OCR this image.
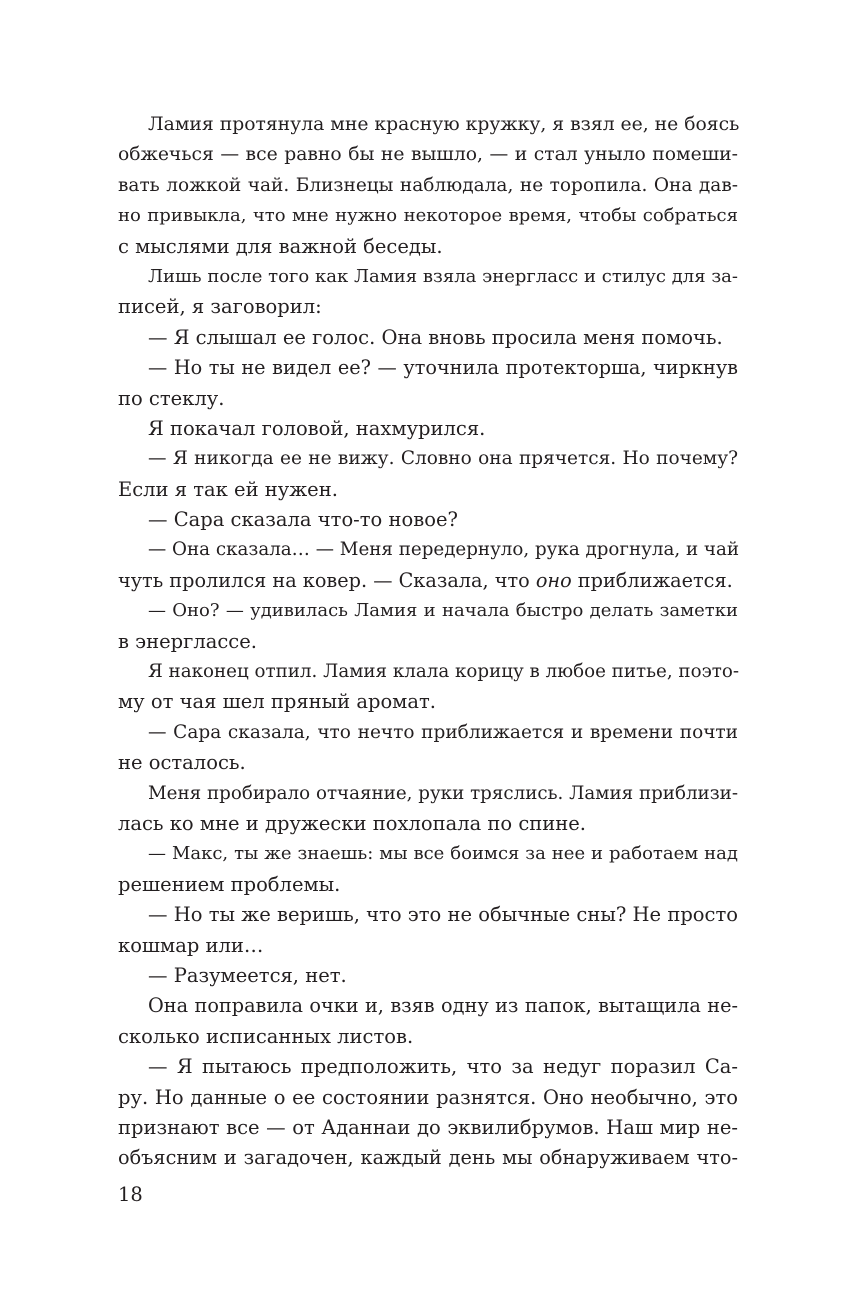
Ламия протянула мне красную кружку, я взял ее, не боясь
обжечься — все равно бы не вышло, — и стал уныло помеши-
вать ложкой чай. Близнецы наблюдала, не торопила. Она дав-
но привыкла, что мне нужно некоторое время, чтобы собраться
с мыслями для важной беседы.
Лишь после того как Ламия взяла энергласс и стилус для за-
писей, я заговорил:
— Я слышал ее голос. Она вновь просила меня помочь.
— Но ты не видел ее? — уточнила протекторша, чиркнув
по стеклу.
Я покачал головой, нахмурился.
— Я никогда ее не вижу. Словно она прячется. Но почему?
Если я так ей нужен.
— Сара сказала что-то новое?
— Она сказала… — Меня передернуло, рука дрогнула, и чай
чуть пролился на ковер. — Сказала, что оно приближается.
— Оно? — удивилась Ламия и начала быстро делать заметки
в энерглассе.
Я наконец отпил. Ламия клала корицу в любое питье, поэто-
му от чая шел пряный аромат.
— Сара сказала, что нечто приближается и времени почти
не осталось.
Меня пробирало отчаяние, руки тряслись. Ламия приблизи-
лась ко мне и дружески похлопала по спине.
— Макс, ты же знаешь: мы все боимся за нее и работаем над
решением проблемы.
— Но ты же веришь, что это не обычные сны? Не просто
кошмар или…
— Разумеется, нет.
Она поправила очки и, взяв одну из папок, вытащила не-
сколько исписанных листов.
— Я пытаюсь предположить, что за недуг поразил Са-
ру. Но данные о ее состоянии разнятся. Оно необычно, это
признают все — от Аданнаи до эквилибрумов. Наш мир не-
объясним и загадочен, каждый день мы обнаруживаем что-
18
